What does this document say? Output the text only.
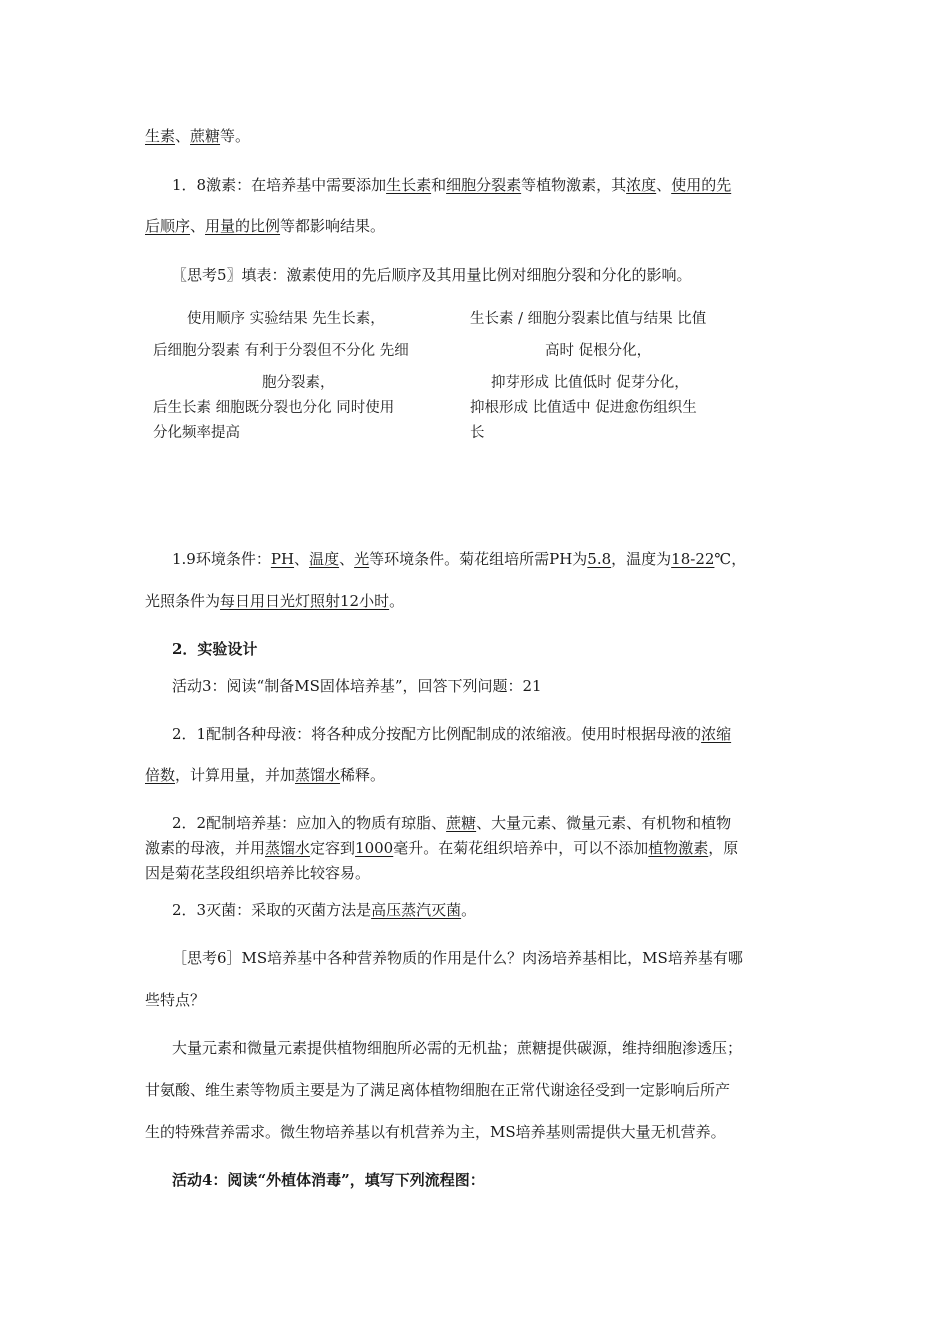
生素、蔗糖等。
1．8激素：在培养基中需要添加生长素和细胞分裂素等植物激素，其浓度、使用的先
后顺序、用量的比例等都影响结果。
〖思考5〗填表：激素使用的先后顺序及其用量比例对细胞分裂和分化的影响。
使用顺序 实验结果 先生长素，
后细胞分裂素 有利于分裂但不分化 先细
胞分裂素，
后生长素 细胞既分裂也分化 同时使用
分化频率提高
生长素 / 细胞分裂素比值与结果 比值
高时 促根分化，
抑芽形成 比值低时 促芽分化，
抑根形成 比值适中 促进愈伤组织生
长
1.9环境条件：PH、温度、光等环境条件。菊花组培所需PH为5.8，温度为18-22℃，
光照条件为每日用日光灯照射12小时。
2．实验设计
活动3：阅读“制备MS固体培养基”，回答下列问题：21
2．1配制各种母液：将各种成分按配方比例配制成的浓缩液。使用时根据母液的浓缩
倍数，计算用量，并加蒸馏水稀释。
2．2配制培养基：应加入的物质有琼脂、蔗糖、大量元素、微量元素、有机物和植物
激素的母液，并用蒸馏水定容到1000毫升。在菊花组织培养中，可以不添加植物激素，原
因是菊花茎段组织培养比较容易。
2．3灭菌：采取的灭菌方法是高压蒸汽灭菌。
［思考6］MS培养基中各种营养物质的作用是什么？肉汤培养基相比，MS培养基有哪
些特点？
大量元素和微量元素提供植物细胞所必需的无机盐；蔗糖提供碳源，维持细胞渗透压；
甘氨酸、维生素等物质主要是为了满足离体植物细胞在正常代谢途径受到一定影响后所产
生的特殊营养需求。微生物培养基以有机营养为主，MS培养基则需提供大量无机营养。
活动4：阅读“外植体消毒”，填写下列流程图：
